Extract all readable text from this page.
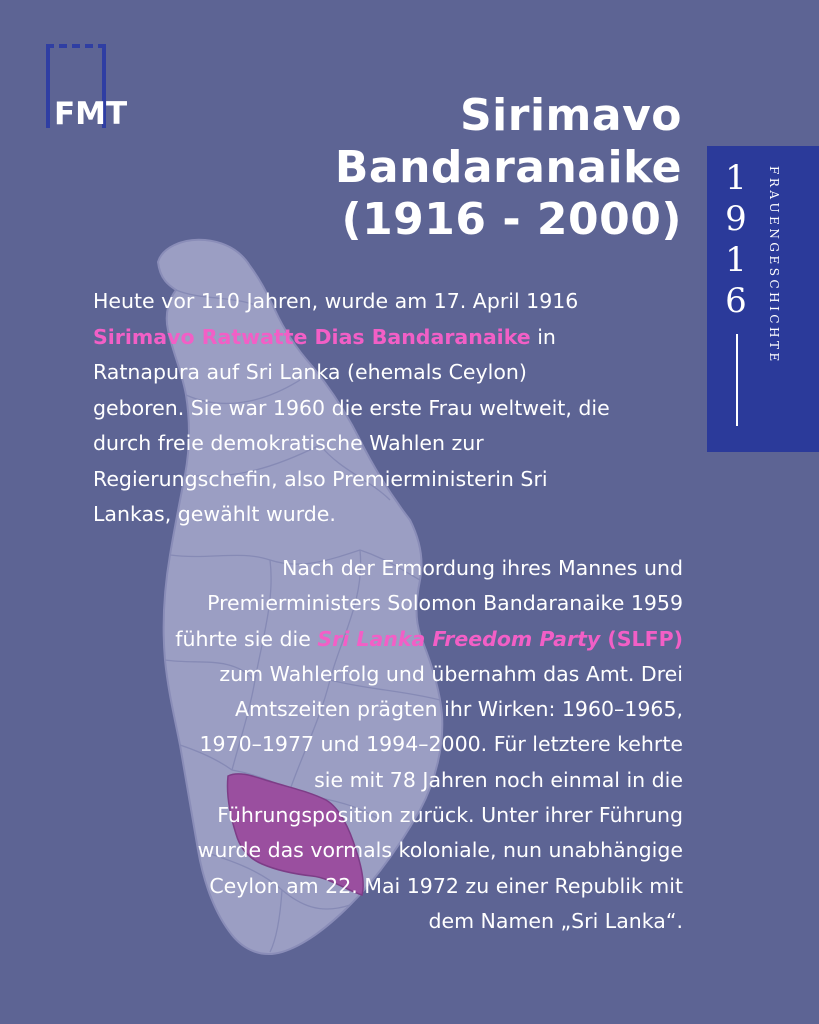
FMT	Sirimavo
Bandaranaike
(1916 - 2000)
1
9
1
6	FRAUENGESCHICHTE
Heute vor 110 Jahren, wurde am 17. April 1916
Sirimavo Ratwatte Dias Bandaranaike in
Ratnapura auf Sri Lanka (ehemals Ceylon)
geboren. Sie war 1960 die erste Frau weltweit, die
durch freie demokratische Wahlen zur
Regierungschefin, also Premierministerin Sri
Lankas, gewählt wurde.
Nach der Ermordung ihres Mannes und
Premierministers Solomon Bandaranaike 1959
führte sie die Sri Lanka Freedom Party (SLFP)
zum Wahlerfolg und übernahm das Amt. Drei
Amtszeiten prägten ihr Wirken: 1960–1965,
1970–1977 und 1994–2000. Für letztere kehrte
sie mit 78 Jahren noch einmal in die
Führungsposition zurück. Unter ihrer Führung
wurde das vormals koloniale, nun unabhängige
Ceylon am 22. Mai 1972 zu einer Republik mit
dem Namen „Sri Lanka“.
